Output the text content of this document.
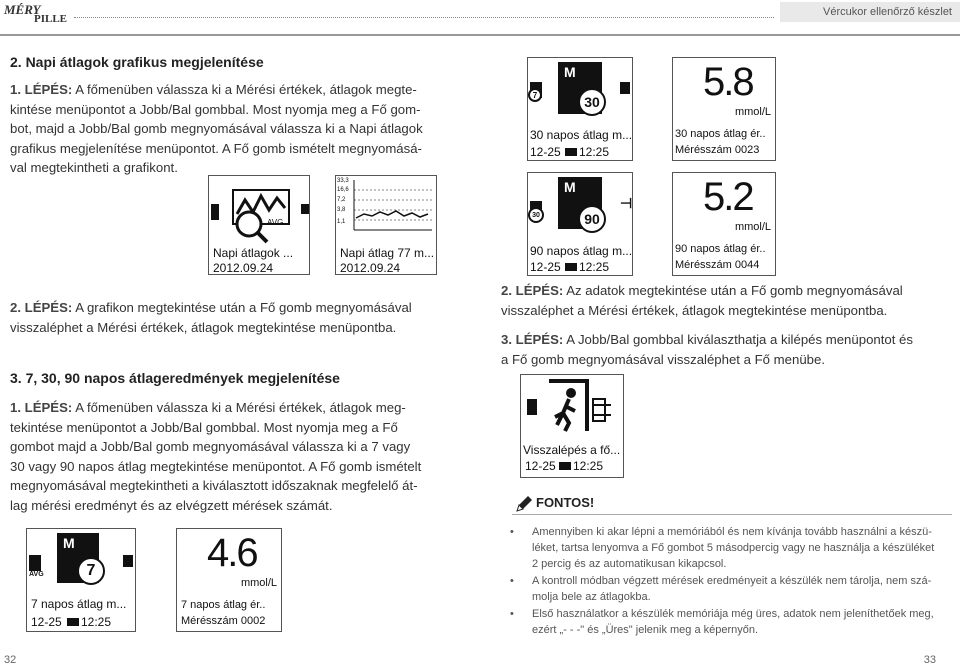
MÉRY
PILLE
Vércukor ellenőrző készlet
2. Napi átlagok grafikus megjelenítése
1. LÉPÉS: A főmenüben válassza ki a Mérési értékek, átlagok megte-
kintése menüpontot a Jobb/Bal gombbal. Most nyomja meg a Fő gom-
bot, majd a Jobb/Bal gomb megnyomásával válassza ki a Napi átlagok
grafikus megjelenítése menüpontot. A Fő gomb ismételt megnyomásá-
val megtekintheti a grafikont.
AVG
Napi átlagok ...
2012.09.24
33,3
16,6
7,2
3,8
1,1
Napi átlag 77 m...
2012.09.24
2. LÉPÉS: A grafikon megtekintése után a Fő gomb megnyomásával
visszaléphet a Mérési értékek, átlagok megtekintése menüpontba.
3. 7, 30, 90 napos átlageredmények megjelenítése
1. LÉPÉS: A főmenüben válassza ki a Mérési értékek, átlagok meg-
tekintése menüpontot a Jobb/Bal gombbal. Most nyomja meg a Fő
gombot majd a Jobb/Bal gomb megnyomásával válassza ki a 7 vagy
30 vagy 90 napos átlag megtekintése menüpontot. A Fő gomb ismételt
megnyomásával megtekintheti a kiválasztott időszaknak megfelelő át-
lag mérési eredményt és az elvégzett mérések számát.
AVG
M
7
7 napos átlag m...
12-25 12:25
4.6
mmol/L
7 napos átlag ér..
Mérésszám 0002
32
7
M
30
30 napos átlag m...
12-25 12:25
5.8
mmol/L
30 napos átlag ér..
Mérésszám 0023
30
M
90
⊣
90 napos átlag m...
12-25 12:25
5.2
mmol/L
90 napos átlag ér..
Mérésszám 0044
2. LÉPÉS: Az adatok megtekintése után a Fő gomb megnyomásával
visszaléphet a Mérési értékek, átlagok megtekintése menüpontba.
3. LÉPÉS: A Jobb/Bal gombbal kiválaszthatja a kilépés menüpontot és
a Fő gomb megnyomásával visszaléphet a Fő menübe.
Visszalépés a fő...
12-25 12:25
FONTOS!
• Amennyiben ki akar lépni a memóriából és nem kívánja tovább használni a készü-léket, tartsa lenyomva a Fő gombot 5 másodpercig vagy ne használja a készüléket 2 percig és az automatikusan kikapcsol.
• A kontroll módban végzett mérések eredményeit a készülék nem tárolja, nem szá-molja bele az átlagokba.
• Első használatkor a készülék memóriája még üres, adatok nem jeleníthetőek meg, ezért „- - -" és „Üres" jelenik meg a képernyőn.
33
